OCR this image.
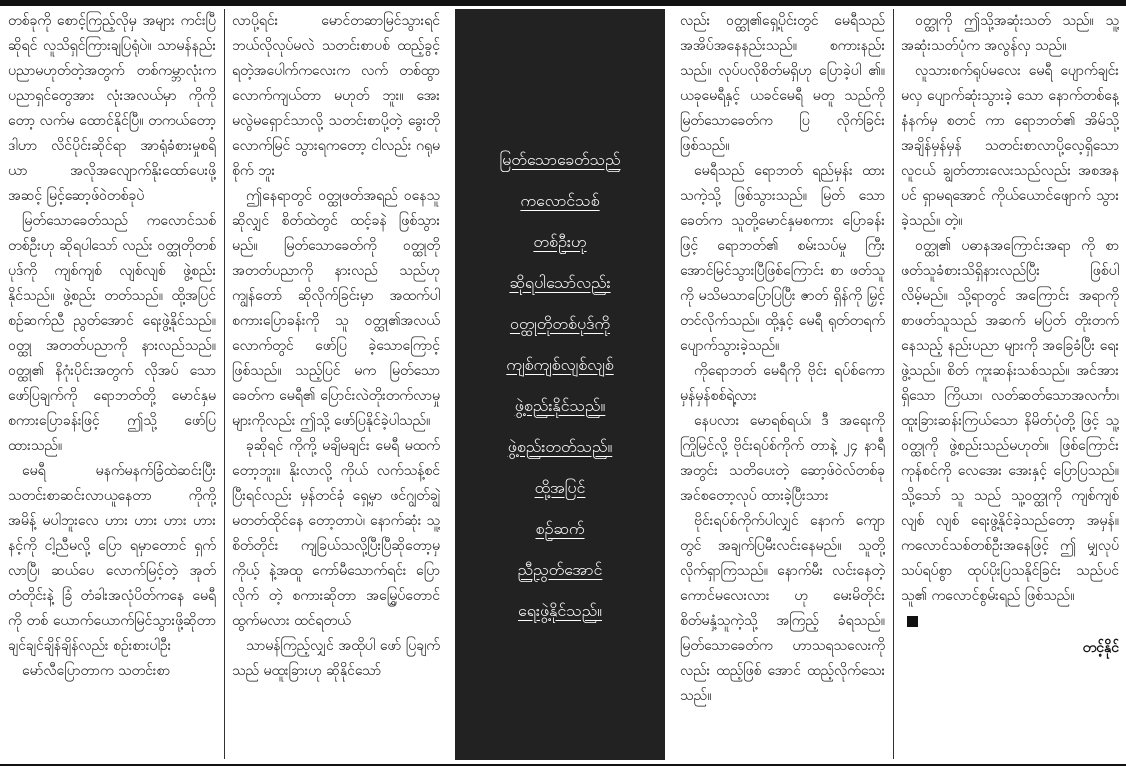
တစ်ခုကို စောင့်ကြည့်လိုမှ အများ ကင်းပြီဆိုရင် လူသိရှင်ကြားချပြရုံပဲ။ သာမန်နည်းပညာမဟုတ်တဲ့အတွက် တစ်ကမ္ဘာလုံးက ပညာရှင်တွေအား လုံးအလယ်မှာ ကိုကိုတော့ လက်မ ထောင်နိုင်ပြီ။ တကယ်တော့ ဒါဟာ လိင်ပိုင်းဆိုင်ရာ အာရုံခံစားမှုစရိယာ အလိုအလျောက်နိုးထော်ပေးဖို့ အဆင့် မြင့်ဆော့ဖ်ဝဲတစ်ခုပဲ

မြတ်သောခေတ်သည် ကလောင်သစ်တစ်ဦးဟု ဆိုရပါသော် လည်း ဝတ္ထုတိုတစ်ပုဒ်ကို ကျစ်ကျစ် လျစ်လျစ် ဖွဲ့စည်းနိုင်သည်။ ဖွဲ့စည်း တတ်သည်။ ထို့အပြင် စဉ်ဆက်ညီ ညွတ်အောင် ရေးဖွဲ့နိုင်သည်။ ဝတ္ထု အတတ်ပညာကို နားလည်သည်။ ဝတ္ထု၏ နိဂုံးပိုင်းအတွက် လိုအပ် သော ဖော်ပြချက်ကို ရောဘတ်တို့ မောင်နှမစကားပြောခန်းဖြင့် ဤသို့ ဖော်ပြထားသည်။

မေရီ မနက်မနက်ခြံထဲဆင်းပြီး သတင်းစာဆင်းလာယူနေတာ ကိုကို့ အမိန့် မပါဘူးလေ ဟား ဟား ဟား ဟား နင့်ကို ငါ့ညီမလို့ ပြော ရမှာတောင် ရှက်လာပြီ၊ ဆယ်ပေ လောက်မြင့်တဲ့ အုတ်တံတိုင်းနဲ့ ခြံ တံခါးအလုံပိတ်ကနေ မေရီကို တစ် ယောက်ယောက်မြင်သွားဖို့ဆိုတာ ချင်ချင်ချိန်ချိန်လည်း စဉ်းစားပါဦး

မော်လီပြောတာက သတင်းစာ

လာပို့ရင်း မောင်တဆာမြင်သွားရင် ဘယ်လိုလုပ်မလဲ သတင်းစာပစ် ထည့်ခွင့်ရတဲ့အပေါက်ကလေးက လက် တစ်ထွာလောက်ကျယ်တာ မဟုတ် ဘူး။ အေး မလွဲမရှောင်သာလို့ သတင်းစာပို့တဲ့ ခွေးတိုလောက်မြင် သွားရကတော့ ငါလည်း ဂရုမစိုက် ဘူး

ဤနေရာတွင် ဝတ္ထုဖတ်အရည် ဝနေသူဆိုလျှင် စိတ်ထဲတွင် ထင့်ခနဲ ဖြစ်သွားမည်။ မြတ်သောခေတ်ကို ဝတ္ထုတိုအတတ်ပညာကို နားလည် သည်ဟု ကျွန်တော် ဆိုလိုက်ခြင်းမှာ အထက်ပါ စကားပြောခန်းကို သူ ဝတ္ထု၏အလယ်လောက်တွင် ဖော်ပြ ခဲ့သောကြောင့် ဖြစ်သည်။ သည့်ပြင် မက မြတ်သောခေတ်က မေရီ၏ ပြောင်းလဲတိုးတက်လာမှုများကိုလည်း ဤသို့ ဖော်ပြနိုင်ခဲ့ပါသည်။

ခုဆိုရင် ကိုကို့ မချိမချင်း မေရီ မထက်တော့ဘူး။ နိုးလာလို့ ကိုယ် လက်သန့်စင် ပြီးရင်လည်း မှန်တင်ခုံ ရှေ့မှာ ဖင်ဂျွတ်ချွဲမတတ်ထိုင်နေ တော့တာပဲ၊ နောက်ဆုံး သူ့စိတ်တိုင်း ကျခြယ်သလို့ပြီးပြီဆိုတော့မှ ကိုယ့် နဲ့အထူ ကော်မီသောက်ရင်း ပြောလိုက် တဲ့ စကားဆိုတာ အမြွှေပ်တောင် ထွက်မလား ထင်ရတယ်

သာမန်ကြည့်လျှင် အထိုပါ ဖော် ပြချက်သည် မထူးခြားဟု ဆိုနိုင်သော်

မြတ်သောခေတ်သည်
ကလောင်သစ်
တစ်ဦးဟု
ဆိုရပါသော်လည်း
ဝတ္ထုတိုတစ်ပုဒ်ကို
ကျစ်ကျစ်လျစ်လျစ်
ဖွဲ့စည်းနိုင်သည်။
ဖွဲ့စည်းတတ်သည်။
ထို့အပြင်
စဉ်ဆက်
ညီညွတ်အောင်
ရေးဖွဲ့နိုင်သည်။

လည်း ဝတ္ထု၏ရှေ့ပိုင်းတွင် မေရီသည် အအိပ်အနေနည်းသည်။ စကားနည်း သည်။ လုပ်ပလိုစိတ်မရှိဟု ပြောခဲ့ပါ ၏။ ယခုမေရီနှင့် ယခင်မေရီ မတူ သည်ကို မြတ်သောခေတ်က ပြ လိုက်ခြင်း ဖြစ်သည်။

မေရီသည် ရောဘတ် ရည်မှန်း ထားသကဲ့သို့ ဖြစ်သွားသည်။ မြတ် သောခေတ်က သူတို့မောင်နှမစကား ပြောခန်းဖြင့် ရောဘတ်၏ စမ်းသပ်မှု ကြီး အောင်မြင်သွားပြီဖြစ်ကြောင်း စာ ဖတ်သူကို မသိမသာပြောပြပြီး ဇာတ် ရှိန်ကို မြှင့်တင်လိုက်သည်။ ထို့နှင့် မေရီ ရုတ်တရက်ပျောက်သွားခဲ့သည်။

ကိုရောဘတ် မေရီကို ဗိုင်း ရပ်စ်ကော မှန်မှန်စစ်ရဲ့လား

နေပလား မောရစ်ရယ်၊ ဒီ အရေးကို ကြိုမြင်လို့ ဗိုင်းရပ်စ်ကိုက် တာနဲ့ ၂၄ နာရီအတွင်း သတိပေးတဲ့ ဆော့ဖ်ဝဲလ်တစ်ခု အင်စတော့လုပ် ထားခဲ့ပြီးသား

ဗိုင်းရပ်စ်ကိုက်ပါလျှင် နောက် ကျောတွင် အချက်ပြမီးလင်းနေမည်။ သူတို့လိုက်ရှာကြသည်။ နောက်မီး လင်းနေတဲ့ ကောင်မလေးလား ဟု မေးမိတိုင်း စိတ်မနှံ့သူကဲ့သို့ အကြည့် ခံရသည်။ မြတ်သောခေတ်က ဟာသရသလေးကိုလည်း ထည့်ဖြစ် အောင် ထည့်လိုက်သေးသည်။

ဝတ္ထုကို ဤသို့အဆုံးသတ် သည်။ သူ့အဆုံးသတ်ပုံက အလွန်လှ သည်။

လူသားစက်ရုပ်မလေး မေရီ ပျောက်ချင်းမလှ ပျောက်ဆုံးသွားခဲ့ သော နောက်တစ်နေ့နံနက်မှ စတင် ကာ ရောဘတ်၏ အိမ်သို့အချိန်မှန်မှန် သတင်းစာလာပို့လေ့ရှိသော လူငယ် ချွတ်တားလေးသည်လည်း အစအန ပင် ရှာမရအောင် ကိုယ်ယောင်ဖျောက် သွားခဲ့သည်။ တဲ့။

ဝတ္ထု၏ ပဓာနအကြောင်းအရာ ကို စာဖတ်သူခံစားသိရှိနားလည်ပြီး ဖြစ်ပါလိမ့်မည်။ သို့ရာတွင် အကြောင်း အရာကို စာဖတ်သူသည် အဆက် မပြတ် တိုးတက်နေသည့် နည်းပညာ များကို အခြေခံပြီး ရေးဖွဲ့သည်။ စိတ် ကူးဆန်းသစ်သည်။ အင်အားရှိသော ကြိယာ၊ လတ်ဆတ်သောအလင်္ကာ၊ ထူးခြားဆန်းကြယ်သော နိမိတ်ပုံတို့ ဖြင့် သူ့ဝတ္ထုကို ဖွဲ့စည်းသည်မဟုတ်။ ဖြစ်ကြောင်းကုန်စင်ကို လေအေး အေးနှင့် ပြောပြသည်။ သို့သော် သူ သည် သူ့ဝတ္ထုကို ကျစ်ကျစ်လျစ် လျစ် ရေးဖွဲ့နိုင်ခဲ့သည်တော့ အမှန်။ ကလောင်သစ်တစ်ဦးအနေဖြင့် ဤ မျှလုပ်သပ်ရပ်စွာ ထုပ်ပိုးပြသနိုင်ခြင်း သည်ပင် သူ၏ ကလောင်စွမ်းရည် ဖြစ်သည်။

တင့်နိုင်
